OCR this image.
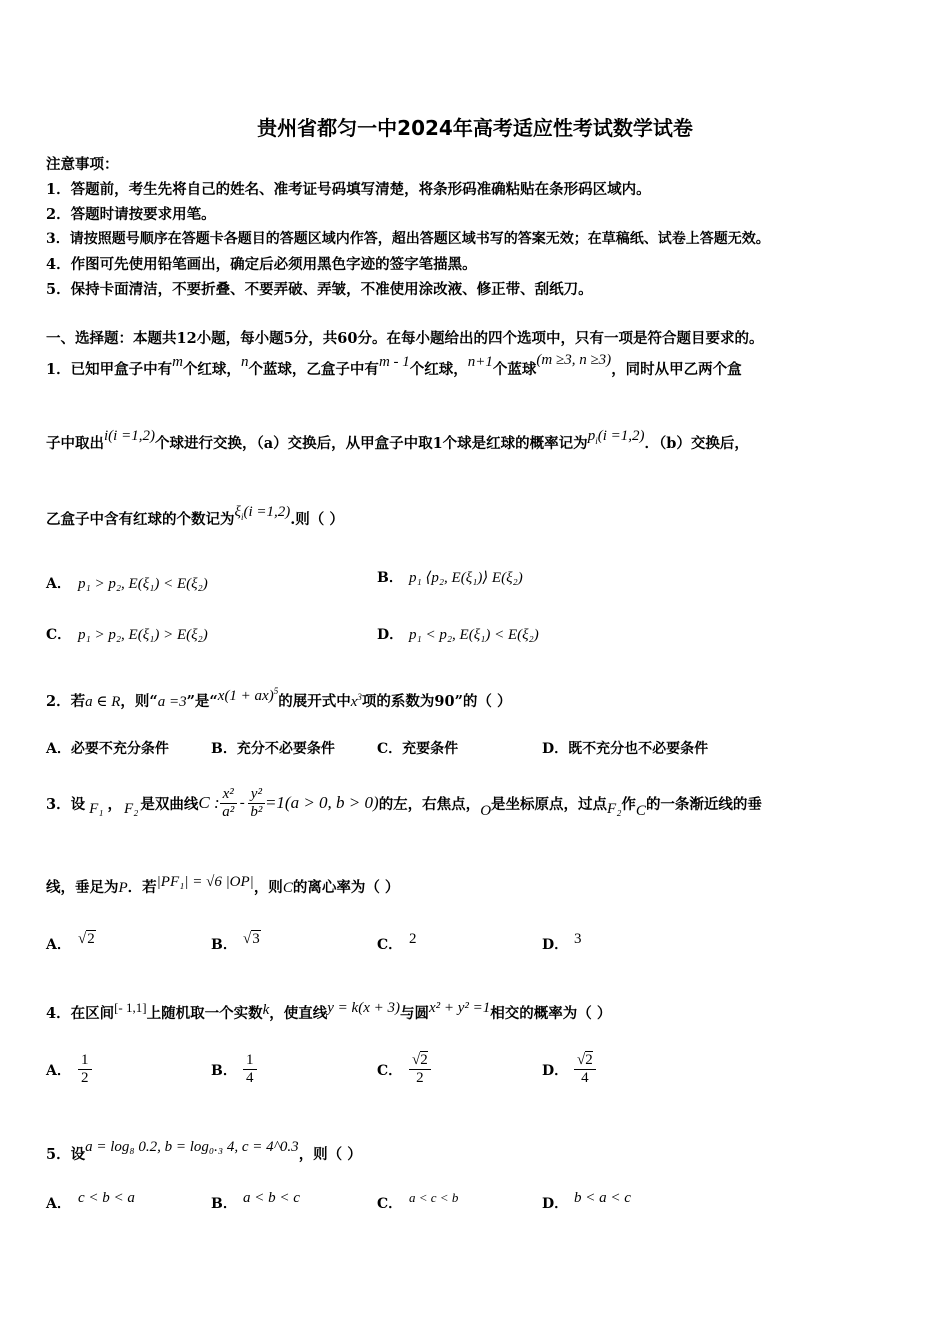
贵州省都匀一中2024年高考适应性考试数学试卷
注意事项：
1．答题前，考生先将自己的姓名、准考证号码填写清楚，将条形码准确粘贴在条形码区域内。
2．答题时请按要求用笔。
3．请按照题号顺序在答题卡各题目的答题区域内作答，超出答题区域书写的答案无效；在草稿纸、试卷上答题无效。
4．作图可先使用铅笔画出，确定后必须用黑色字迹的签字笔描黑。
5．保持卡面清洁，不要折叠、不要弄破、弄皱，不准使用涂改液、修正带、刮纸刀。
一、选择题：本题共12小题，每小题5分，共60分。在每小题给出的四个选项中，只有一项是符合题目要求的。
1．已知甲盒子中有m个红球，n个蓝球，乙盒子中有m - 1个红球，n+1个蓝球(m ≥3, n ≥3)，同时从甲乙两个盒
子中取出i(i =1,2)个球进行交换，（a）交换后，从甲盒子中取1个球是红球的概率记为$p_i(i =1,2)$．（b）交换后，
乙盒子中含有红球的个数记为$\xi_i(i =1,2)$.则（ ）
A． p₁ > p₂, E(ξ₁) < E(ξ₂)	B． p₁ ⟨p₂, E(ξ₁)⟩ E(ξ₂)
C． p₁ > p₂, E(ξ₁) > E(ξ₂)	D． p₁ < p₂, E(ξ₁) < E(ξ₂)
2．若a ∈ R，则“a =3”是“x(1 + ax)$^5$的展开式中$x^3$项的系数为90”的（ ）
A．必要不充分条件	B．充分不必要条件	C．充要条件	D．既不充分也不必要条件
3．设 F₁ ， F₂ 是双曲线 C : $\frac{\text{x²}}{\text{a²}} - \frac{\text{y²}}{\text{b²}} =1(a > 0$, b > 0) 的左，右焦点， O 是坐标原点，过点 F₂ 作 C 的一条渐近线的垂
线，垂足为P．若|PF₁| = √6 |OP|，则C的离心率为（ ）
A． √2	B． √3	C． 2	D． 3
4．在区间[- 1,1]上随机取一个实数k，使直线y = k(x + 3)与圆x² + y² =1相交的概率为（ ）
A． $\frac{1}{2}$	B． $\frac{1}{4}$	C． $\frac{√2}{2}$	D． $\frac{√2}{4}$
5．设a = log₈ 0.2, b = log₀.₃ 4, c = 4^0.3，则（ ）
A． c < b < a	B． a < b < c	C． a < c < b	D． b < a < c
